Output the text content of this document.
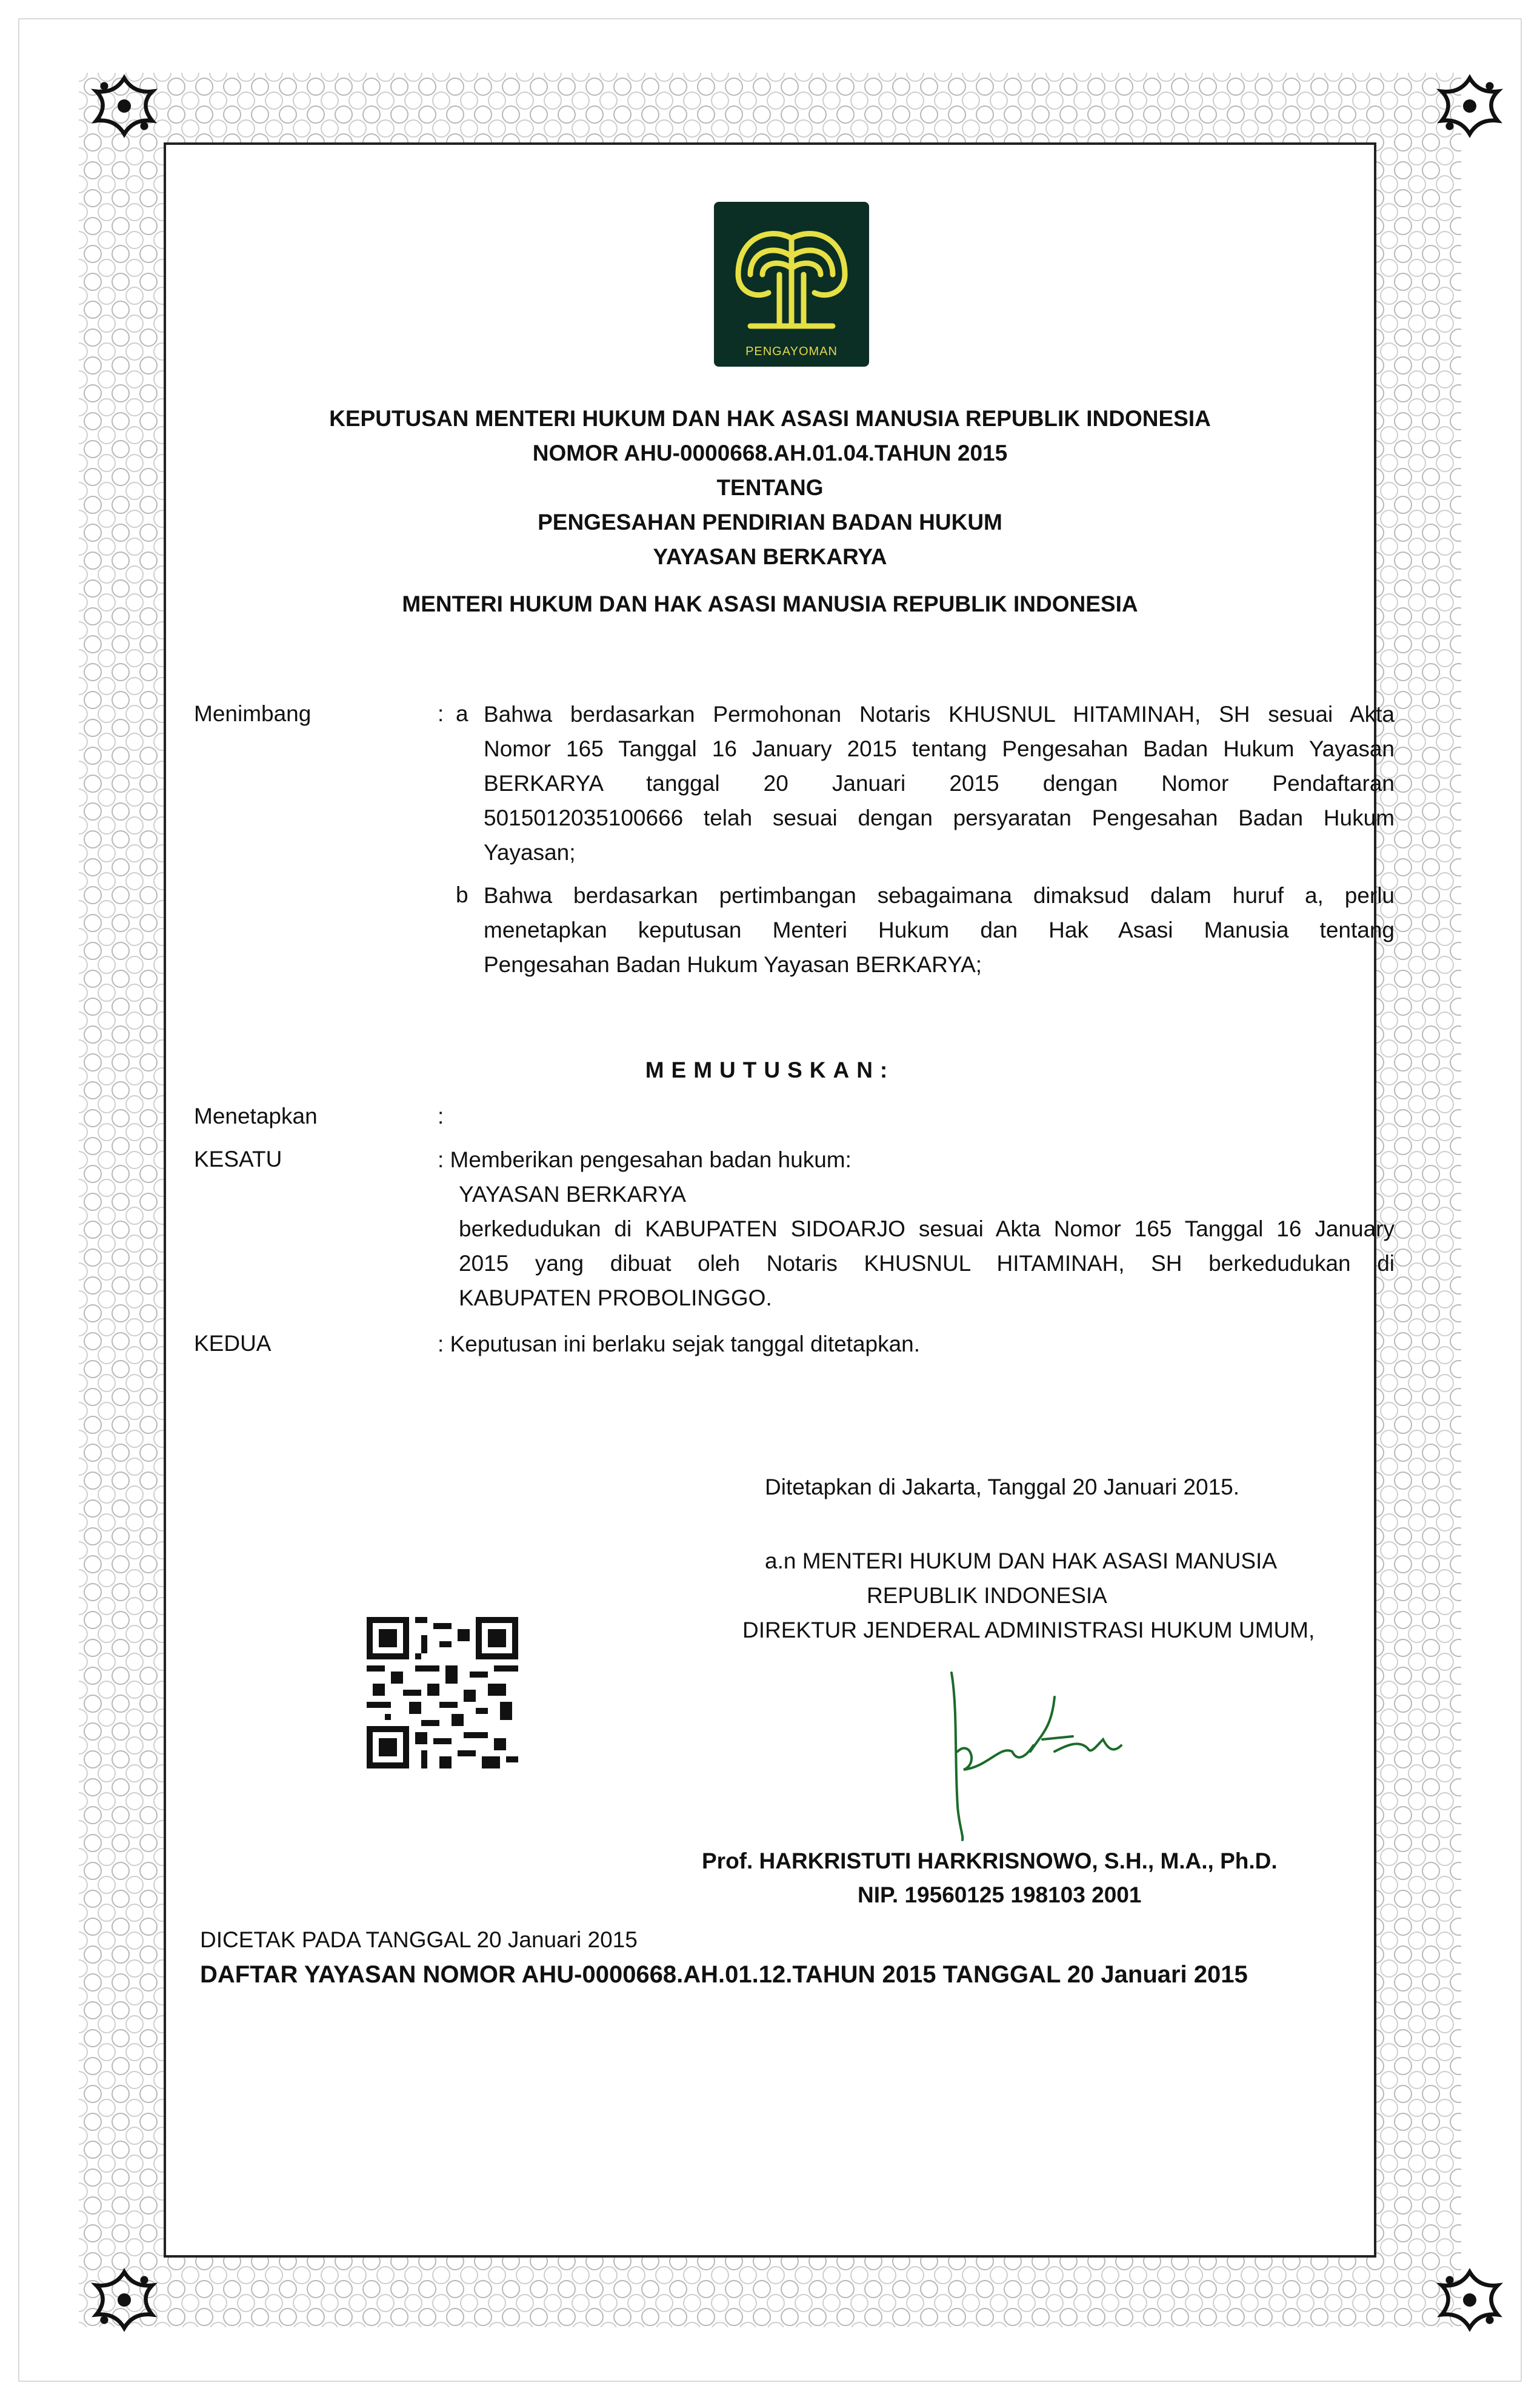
PENGAYOMAN
KEPUTUSAN MENTERI HUKUM DAN HAK ASASI MANUSIA REPUBLIK INDONESIA
NOMOR AHU-0000668.AH.01.04.TAHUN 2015
TENTANG
PENGESAHAN PENDIRIAN BADAN HUKUM
YAYASAN BERKARYA
MENTERI HUKUM DAN HAK ASASI MANUSIA REPUBLIK INDONESIA
Menimbang	: a Bahwa berdasarkan Permohonan Notaris KHUSNUL HITAMINAH, SH sesuai Akta
Nomor 165 Tanggal 16 January 2015 tentang Pengesahan Badan Hukum Yayasan
BERKARYA tanggal 20 Januari 2015 dengan Nomor Pendaftaran
5015012035100666 telah sesuai dengan persyaratan Pengesahan Badan Hukum
Yayasan;
b Bahwa berdasarkan pertimbangan sebagaimana dimaksud dalam huruf a, perlu
menetapkan keputusan Menteri Hukum dan Hak Asasi Manusia tentang
Pengesahan Badan Hukum Yayasan BERKARYA;
MEMUTUSKAN:
Menetapkan	:
KESATU	: Memberikan pengesahan badan hukum:
YAYASAN BERKARYA
berkedudukan di KABUPATEN SIDOARJO sesuai Akta Nomor 165 Tanggal 16 January
2015 yang dibuat oleh Notaris KHUSNUL HITAMINAH, SH berkedudukan di
KABUPATEN PROBOLINGGO.
KEDUA	: Keputusan ini berlaku sejak tanggal ditetapkan.
Ditetapkan di Jakarta, Tanggal 20 Januari 2015.
a.n MENTERI HUKUM DAN HAK ASASI MANUSIA
REPUBLIK INDONESIA
DIREKTUR JENDERAL ADMINISTRASI HUKUM UMUM,
Prof. HARKRISTUTI HARKRISNOWO, S.H., M.A., Ph.D.
NIP. 19560125 198103 2001
DICETAK PADA TANGGAL 20 Januari 2015
DAFTAR YAYASAN NOMOR AHU-0000668.AH.01.12.TAHUN 2015 TANGGAL 20 Januari 2015
